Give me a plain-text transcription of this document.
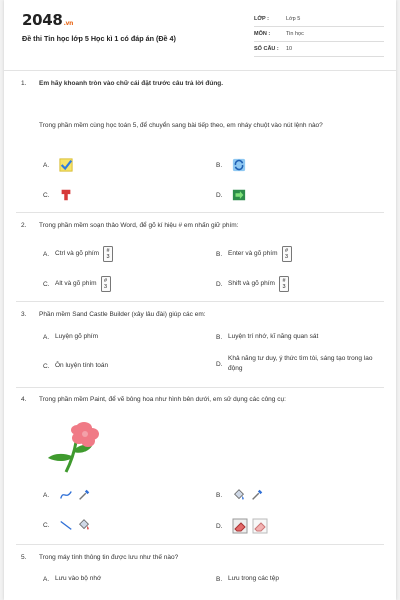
2048.vn
Đề thi Tin học lớp 5 Học kì 1 có đáp án (Đề 4)
LỚP :	Lớp 5
MÔN :	Tin học
SỐ CÂU : 10
1. Em hãy khoanh tròn vào chữ cái đặt trước câu trả lời đúng.
Trong phần mềm cùng học toán 5, để chuyển sang bài tiếp theo, em nháy chuột vào nút lệnh nào?
A.	B.
C.	D.
2. Trong phần mềm soạn thảo Word, để gõ kí hiệu # em nhấn giữ phím:
A. Ctrl và gõ phím #
3	B. Enter và gõ phím #
3
C. Alt và gõ phím #
3	D. Shift và gõ phím #
3
3. Phần mềm Sand Castle Builder (xây lâu đài) giúp các em:
A. Luyện gõ phím	B. Luyện trí nhớ, kĩ năng quan sát
C. Ôn luyện tính toán	D.
Khả năng tư duy, ý thức tìm tòi, sáng tạo trong lao động
4. Trong phần mềm Paint, để vẽ bông hoa như hình bên dưới, em sử dụng các công cụ:
A.	B.
C.	D.
5. Trong máy tính thông tin được lưu như thế nào?
A. Lưu vào bộ nhớ	B. Lưu trong các tệp
